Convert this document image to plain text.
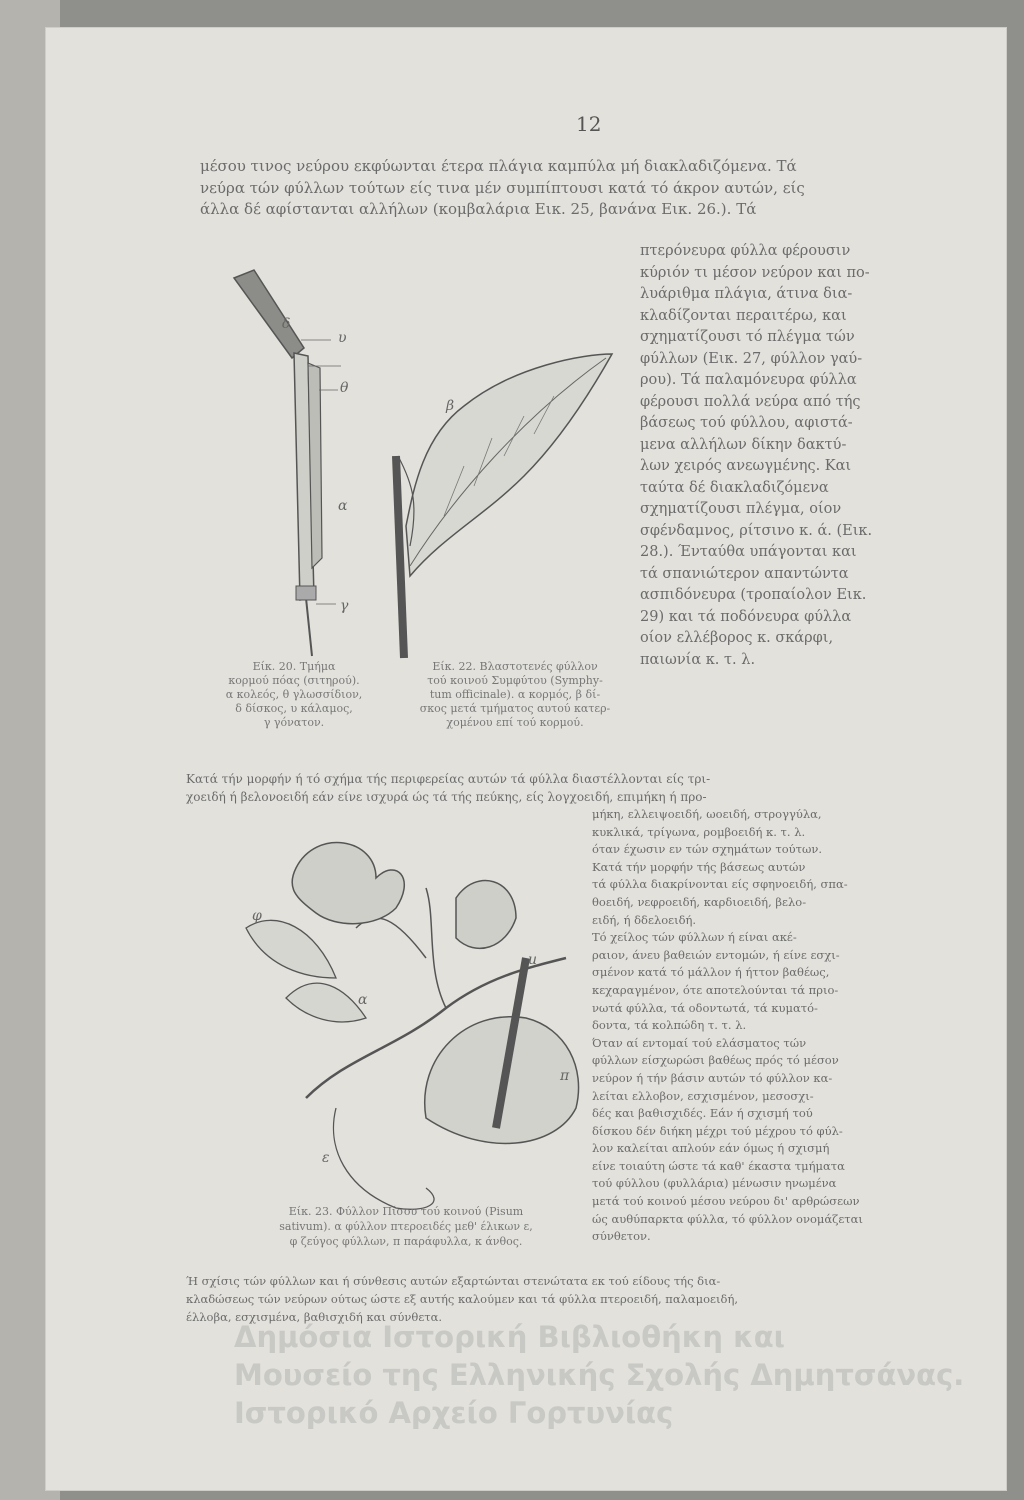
12
μέσου τινος νεύρου εκφύωνται έτερα πλάγια καμπύλα μή διακλαδιζόμενα. Τά
νεύρα τών φύλλων τούτων είς τινα μέν συμπίπτουσι κατά τό άκρον αυτών, είς
άλλα δέ αφίστανται αλλήλων (κομβαλάρια Εικ. 25, βανάνα Εικ. 26.). Τά
πτερόνευρα φύλλα φέρουσιν
κύριόν τι μέσον νεύρον και πο-
λυάριθμα πλάγια, άτινα δια-
κλαδίζονται περαιτέρω, και
σχηματίζουσι τό πλέγμα τών
φύλλων (Εικ. 27, φύλλον γαύ-
ρου). Τά παλαμόνευρα φύλλα
φέρουσι πολλά νεύρα από τής
βάσεως τού φύλλου, αφιστά-
μενα αλλήλων δίκην δακτύ-
λων χειρός ανεωγμένης. Και
ταύτα δέ διακλαδιζόμενα
σχηματίζουσι πλέγμα, οίον
σφένδαμνος, ρίτσινο κ. ά. (Εικ.
28.). Ένταύθα υπάγονται και
τά σπανιώτερον απαντώντα
ασπιδόνευρα (τροπαίολον Εικ.
29) και τά ποδόνευρα φύλλα
οίον ελλέβορος κ. σκάρφι,
παιωνία κ. τ. λ.
δ
υ
θ
α
γ
β
Είκ. 20. Τμήμα
κορμού πόας (σιτηρού).
α κολεός, θ γλωσσίδιον,
δ δίσκος, υ κάλαμος,
γ γόνατον.
Είκ. 22. Βλαστοτενές φύλλον
τού κοινού Συμφύτου (Symphy-
tum officinale). α κορμός, β δί-
σκος μετά τμήματος αυτού κατερ-
χομένου επί τού κορμού.
Κατά τήν μορφήν ή τό σχήμα τής περιφερείας αυτών τά φύλλα διαστέλλονται είς τρι-
χοειδή ή βελονοειδή εάν είνε ισχυρά ώς τά τής πεύκης, είς λογχοειδή, επιμήκη ή προ-
μήκη, ελλειψοειδή, ωοειδή, στρογγύλα,
κυκλικά, τρίγωνα, ρομβοειδή κ. τ. λ.
όταν έχωσιν εν τών σχημάτων τούτων.
Κατά τήν μορφήν τής βάσεως αυτών
τά φύλλα διακρίνονται είς σφηνοειδή, σπα-
θοειδή, νεφροειδή, καρδιοειδή, βελο-
ειδή, ή δδελοειδή.
Τό χείλος τών φύλλων ή είναι ακέ-
ραιον, άνευ βαθειών εντομών, ή είνε εσχι-
σμένον κατά τό μάλλον ή ήττον βαθέως,
κεχαραγμένον, ότε αποτελούνται τά πριο-
νωτά φύλλα, τά οδοντωτά, τά κυματό-
δοντα, τά κολπώδη τ. τ. λ.
Όταν αί εντομαί τού ελάσματος τών
φύλλων είσχωρώσι βαθέως πρός τό μέσον
νεύρον ή τήν βάσιν αυτών τό φύλλον κα-
λείται ελλοβον, εσχισμένον, μεσοσχι-
δές και βαθισχιδές. Εάν ή σχισμή τού
δίσκου δέν διήκη μέχρι τού μέχρου τό φύλ-
λον καλείται απλούν εάν όμως ή σχισμή
είνε τοιαύτη ώστε τά καθ' έκαστα τμήματα
τού φύλλου (φυλλάρια) μένωσιν ηνωμένα
μετά τού κοινού μέσου νεύρου δι' αρθρώσεων
ώς αυθύπαρκτα φύλλα, τό φύλλον ονομάζεται
σύνθετον.
φ
α
u
π
ε
Είκ. 23. Φύλλον Πίσου τού κοινού (Pisum
sativum). α φύλλον πτεροειδές μεθ' έλικων ε,
φ ζεύγος φύλλων, π παράφυλλα, κ άνθος.
Ή σχίσις τών φύλλων και ή σύνθεσις αυτών εξαρτώνται στενώτατα εκ τού είδους τής δια-
κλαδώσεως τών νεύρων ούτως ώστε εξ αυτής καλούμεν και τά φύλλα πτεροειδή, παλαμοειδή,
έλλοβα, εσχισμένα, βαθισχιδή και σύνθετα.
Δημόσια Ιστορική Βιβλιοθήκη και
Μουσείο της Ελληνικής Σχολής Δημητσάνας.
Ιστορικό Αρχείο Γορτυνίας
